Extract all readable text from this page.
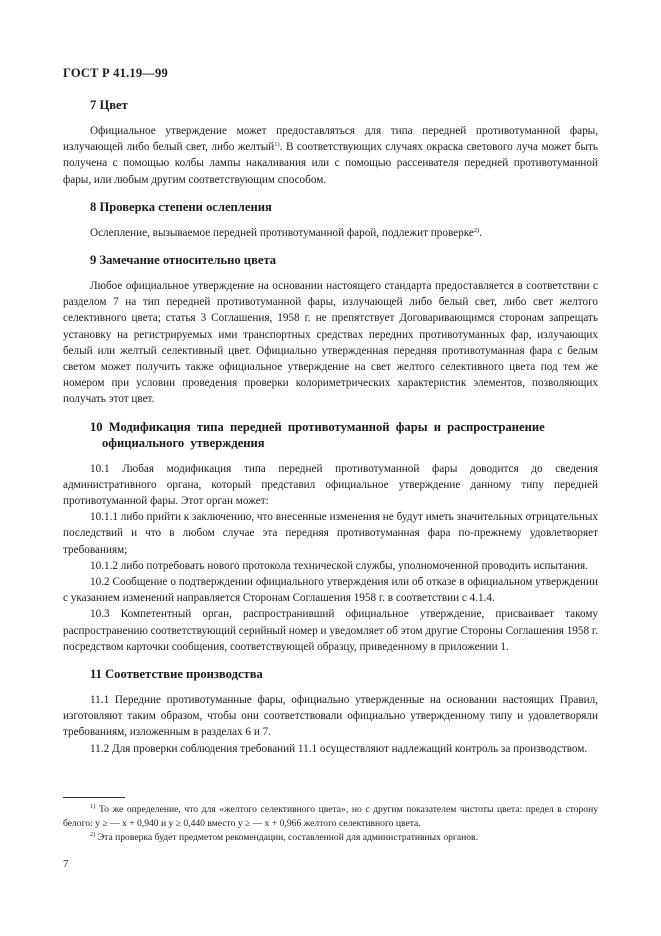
ГОСТ Р 41.19—99
7 Цвет

Официальное утверждение может предоставляться для типа передней противотуманной фары, излучающей либо белый свет, либо желтый$^{1)}$. В соответствующих случаях окраска светового луча может быть получена с помощью колбы лампы накаливания или с помощью рассеивателя передней противотуманной фары, или любым другим соответствующим способом.

8 Проверка степени ослепления

Ослепление, вызываемое передней противотуманной фарой, подлежит проверке$^{2)}$.

9 Замечание относительно цвета

Любое официальное утверждение на основании настоящего стандарта предоставляется в соответствии с разделом 7 на тип передней противотуманной фары, излучающей либо белый свет, либо свет желтого селективного цвета; статья 3 Соглашения, 1958 г. не препятствует Договаривающимся сторонам запрещать установку на регистрируемых ими транспортных средствах передних противотуманных фар, излучающих белый или желтый селективный цвет. Официально утвержденная передняя противотуманная фара с белым светом может получить также официальное утверждение на свет желтого селективного цвета под тем же номером при условии проведения проверки колориметрических характеристик элементов, позволяющих получать этот цвет.

10 Модификация типа передней противотуманной фары и распространение
официального утверждения

10.1 Любая модификация типа передней противотуманной фары доводится до сведения административного органа, который представил официальное утверждение данному типу передней противотуманной фары. Этот орган может:

10.1.1 либо прийти к заключению, что внесенные изменения не будут иметь значительных отрицательных последствий и что в любом случае эта передняя противотуманная фара по-прежнему удовлетворяет требованиям;

10.1.2 либо потребовать нового протокола технической службы, уполномоченной проводить испытания.

10.2 Сообщение о подтверждении официального утверждения или об отказе в официальном утверждении с указанием изменений направляется Сторонам Соглашения 1958 г. в соответствии с 4.1.4.

10.3 Компетентный орган, распространивший официальное утверждение, присваивает такому распространению соответствующий серийный номер и уведомляет об этом другие Стороны Соглашения 1958 г. посредством карточки сообщения, соответствующей образцу, приведенному в приложении 1.

11 Соответствие производства

11.1 Передние противотуманные фары, официально утвержденные на основании настоящих Правил, изготовляют таким образом, чтобы они соответствовали официально утвержденному типу и удовлетворяли требованиям, изложенным в разделах 6 и 7.

11.2 Для проверки соблюдения требований 11.1 осуществляют надлежащий контроль за производством.

$^{1)}$ То же определение, что для «желтого селективного цвета», но с другим показателем чистоты цвета: предел в сторону белого: y ≥ — x + 0,940 и y ≥ 0,440 вместо y ≥ — x + 0,966 желтого селективного цвета.

$^{2)}$ Эта проверка будет предметом рекомендации, составленной для административных органов.

7
